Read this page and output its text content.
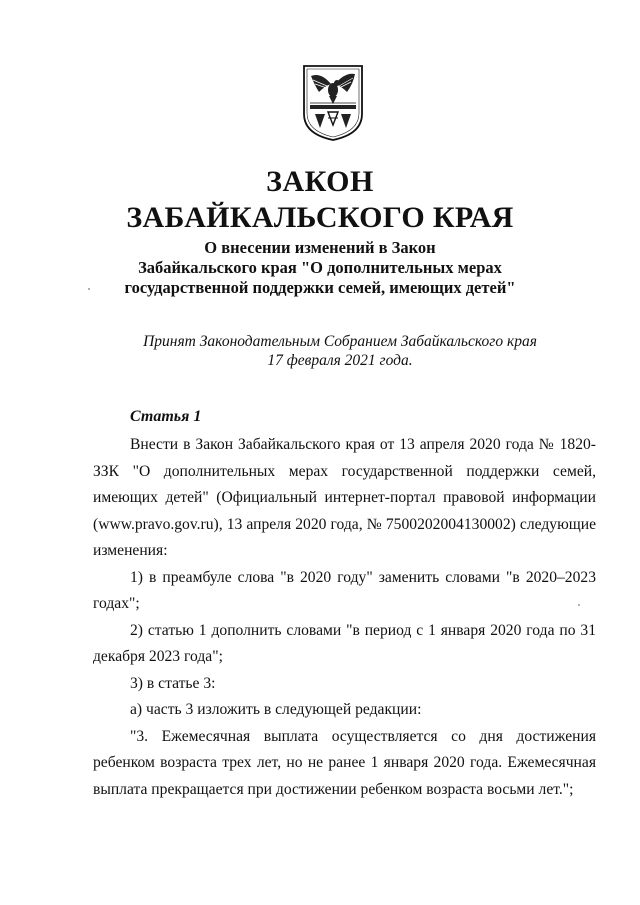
ЗАКОН
ЗАБАЙКАЛЬСКОГО КРАЯ
О внесении изменений в Закон
Забайкальского края "О дополнительных мерах
государственной поддержки семей, имеющих детей"
Принят Законодательным Собранием Забайкальского края
17 февраля 2021 года.
Статья 1

Внести в Закон Забайкальского края от 13 апреля 2020 года № 1820-ЗЗК "О дополнительных мерах государственной поддержки семей, имеющих детей" (Официальный интернет-портал правовой информации (www.pravo.gov.ru), 13 апреля 2020 года, № 7500202004130002) следующие изменения:

1) в преамбуле слова "в 2020 году" заменить словами "в 2020–2023 годах";

2) статью 1 дополнить словами "в период с 1 января 2020 года по 31 декабря 2023 года";

3) в статье 3:

а) часть 3 изложить в следующей редакции:

"3. Ежемесячная выплата осуществляется со дня достижения ребенком возраста трех лет, но не ранее 1 января 2020 года. Ежемесячная выплата прекращается при достижении ребенком возраста восьми лет.";
